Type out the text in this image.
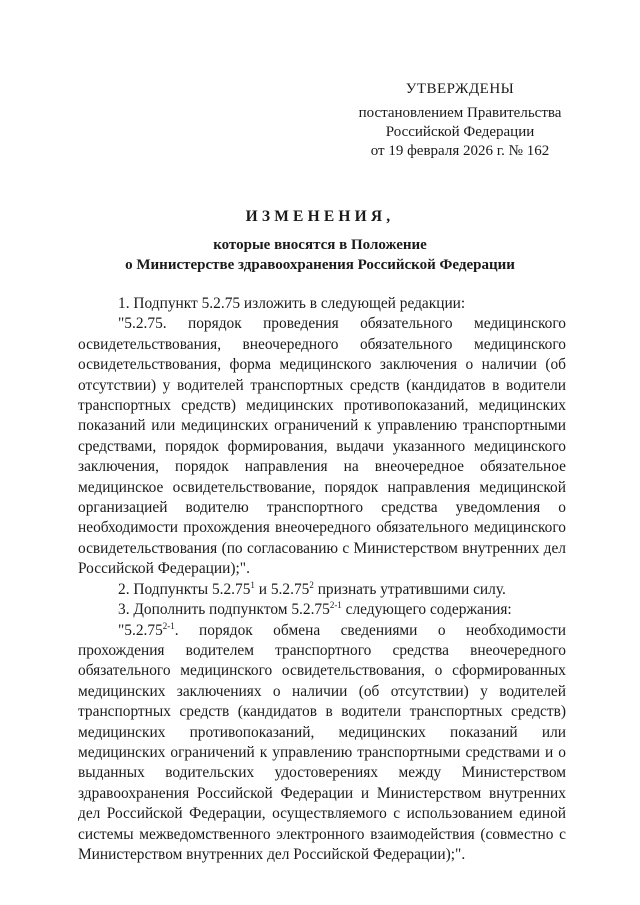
УТВЕРЖДЕНЫ
постановлением Правительства
Российской Федерации
от 19 февраля 2026 г. № 162
ИЗМЕНЕНИЯ,
которые вносятся в Положение
о Министерстве здравоохранения Российской Федерации

1. Подпункт 5.2.75 изложить в следующей редакции:

"5.2.75. порядок проведения обязательного медицинского освидетельствования, внеочередного обязательного медицинского освидетельствования, форма медицинского заключения о наличии (об отсутствии) у водителей транспортных средств (кандидатов в водители транспортных средств) медицинских противопоказаний, медицинских показаний или медицинских ограничений к управлению транспортными средствами, порядок формирования, выдачи указанного медицинского заключения, порядок направления на внеочередное обязательное медицинское освидетельствование, порядок направления медицинской организацией водителю транспортного средства уведомления о необходимости прохождения внеочередного обязательного медицинского освидетельствования (по согласованию с Министерством внутренних дел Российской Федерации);".

2. Подпункты 5.2.75$^1$ и 5.2.75$^2$ признать утратившими силу.

3. Дополнить подпунктом 5.2.75$^{2-1}$ следующего содержания:

"5.2.75$^{2-1}$. порядок обмена сведениями о необходимости прохождения водителем транспортного средства внеочередного обязательного медицинского освидетельствования, о сформированных медицинских заключениях о наличии (об отсутствии) у водителей транспортных средств (кандидатов в водители транспортных средств) медицинских противопоказаний, медицинских показаний или медицинских ограничений к управлению транспортными средствами и о выданных водительских удостоверениях между Министерством здравоохранения Российской Федерации и Министерством внутренних дел Российской Федерации, осуществляемого с использованием единой системы межведомственного электронного взаимодействия (совместно с Министерством внутренних дел Российской Федерации);".
